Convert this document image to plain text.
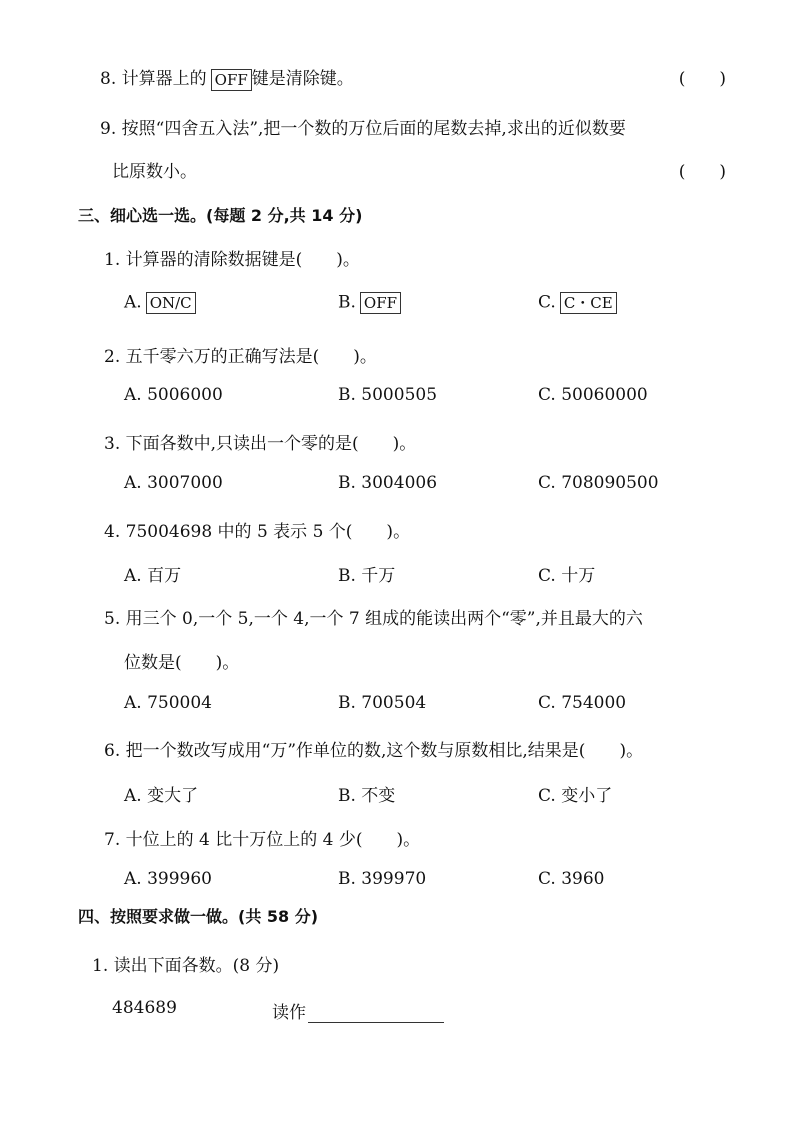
8. 计算器上的 OFF 键是清除键。	(　　)
9. 按照“四舍五入法”,把一个数的万位后面的尾数去掉,求出的近似数要
比原数小。	(　　)
三、细心选一选。(每题 2 分,共 14 分)
1. 计算器的清除数据键是(　　)。
A. ON/C	B. OFF	C. C・CE
2. 五千零六万的正确写法是(　　)。
A. 5006000	B. 5000505	C. 50060000
3. 下面各数中,只读出一个零的是(　　)。
A. 3007000	B. 3004006	C. 708090500
4. 75004698 中的 5 表示 5 个(　　)。
A. 百万	B. 千万	C. 十万
5. 用三个 0,一个 5,一个 4,一个 7 组成的能读出两个“零”,并且最大的六
位数是(　　)。
A. 750004	B. 700504	C. 754000
6. 把一个数改写成用“万”作单位的数,这个数与原数相比,结果是(　　)。
A. 变大了	B. 不变	C. 变小了
7. 十位上的 4 比十万位上的 4 少(　　)。
A. 399960	B. 399970	C. 3960
四、按照要求做一做。(共 58 分)
1. 读出下面各数。(8 分)
484689	读作
